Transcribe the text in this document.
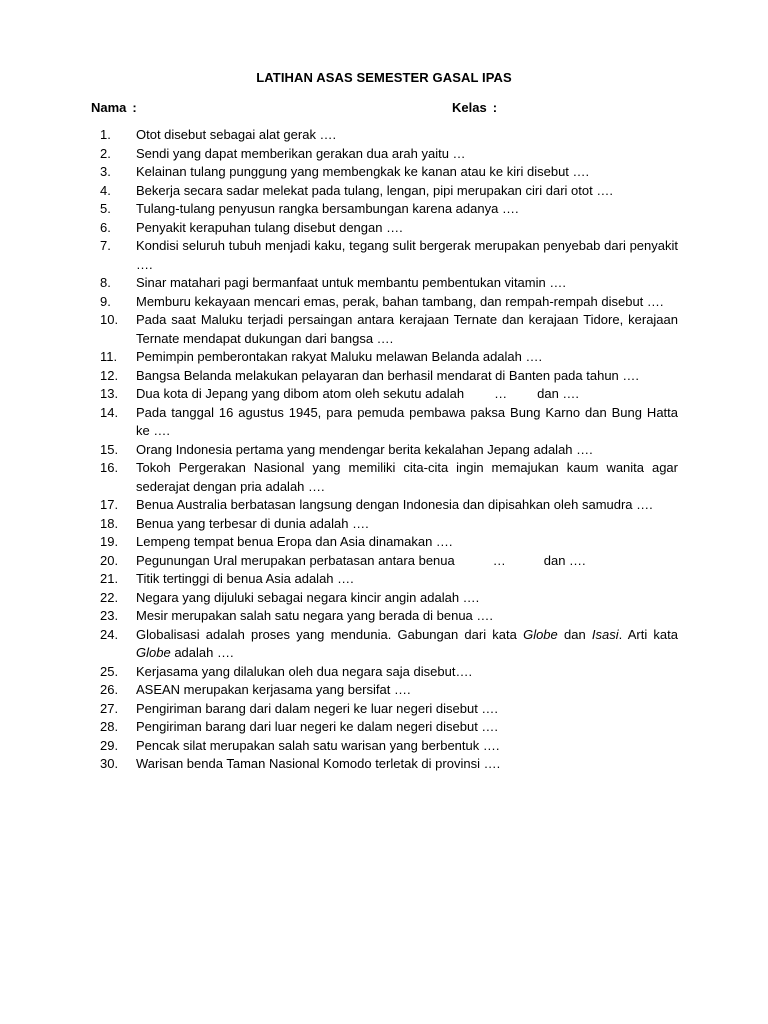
LATIHAN ASAS SEMESTER GASAL IPAS
Nama :	Kelas :
1.	Otot disebut sebagai alat gerak ….
2.	Sendi yang dapat memberikan gerakan dua arah yaitu …
3.	Kelainan tulang punggung yang membengkak ke kanan atau ke kiri disebut ….
4.	Bekerja secara sadar melekat pada tulang, lengan, pipi merupakan ciri dari otot ….
5.	Tulang-tulang penyusun rangka bersambungan karena adanya ….
6.	Penyakit kerapuhan tulang disebut dengan ….
7.	Kondisi seluruh tubuh menjadi kaku, tegang sulit bergerak merupakan penyebab dari penyakit ….
8.	Sinar matahari pagi bermanfaat untuk membantu pembentukan vitamin ….
9.	Memburu kekayaan mencari emas, perak, bahan tambang, dan rempah-rempah disebut ….
10.	Pada saat Maluku terjadi persaingan antara kerajaan Ternate dan kerajaan Tidore, kerajaan Ternate mendapat dukungan dari bangsa ….
11.	Pemimpin pemberontakan rakyat Maluku melawan Belanda adalah ….
12.	Bangsa Belanda melakukan pelayaran dan berhasil mendarat di Banten pada tahun ….
13.	Dua kota di Jepang yang dibom atom oleh sekutu adalah … dan ….
14.	Pada tanggal 16 agustus 1945, para pemuda pembawa paksa Bung Karno dan Bung Hatta ke ….
15.	Orang Indonesia pertama yang mendengar berita kekalahan Jepang adalah ….
16.	Tokoh Pergerakan Nasional yang memiliki cita-cita ingin memajukan kaum wanita agar sederajat dengan pria adalah ….
17.	Benua Australia berbatasan langsung dengan Indonesia dan dipisahkan oleh samudra ….
18.	Benua yang terbesar di dunia adalah ….
19.	Lempeng tempat benua Eropa dan Asia dinamakan ….
20.	Pegunungan Ural merupakan perbatasan antara benua	…	dan ….
21.	Titik tertinggi di benua Asia adalah ….
22.	Negara yang dijuluki sebagai negara kincir angin adalah ….
23.	Mesir merupakan salah satu negara yang berada di benua ….
24.	Globalisasi adalah proses yang mendunia. Gabungan dari kata Globe dan Isasi. Arti kata Globe adalah ….
25.	Kerjasama yang dilalukan oleh dua negara saja disebut….
26.	ASEAN merupakan kerjasama yang bersifat ….
27.	Pengiriman barang dari dalam negeri ke luar negeri disebut ….
28.	Pengiriman barang dari luar negeri ke dalam negeri disebut ….
29.	Pencak silat merupakan salah satu warisan yang berbentuk ….
30.	Warisan benda Taman Nasional Komodo terletak di provinsi ….
